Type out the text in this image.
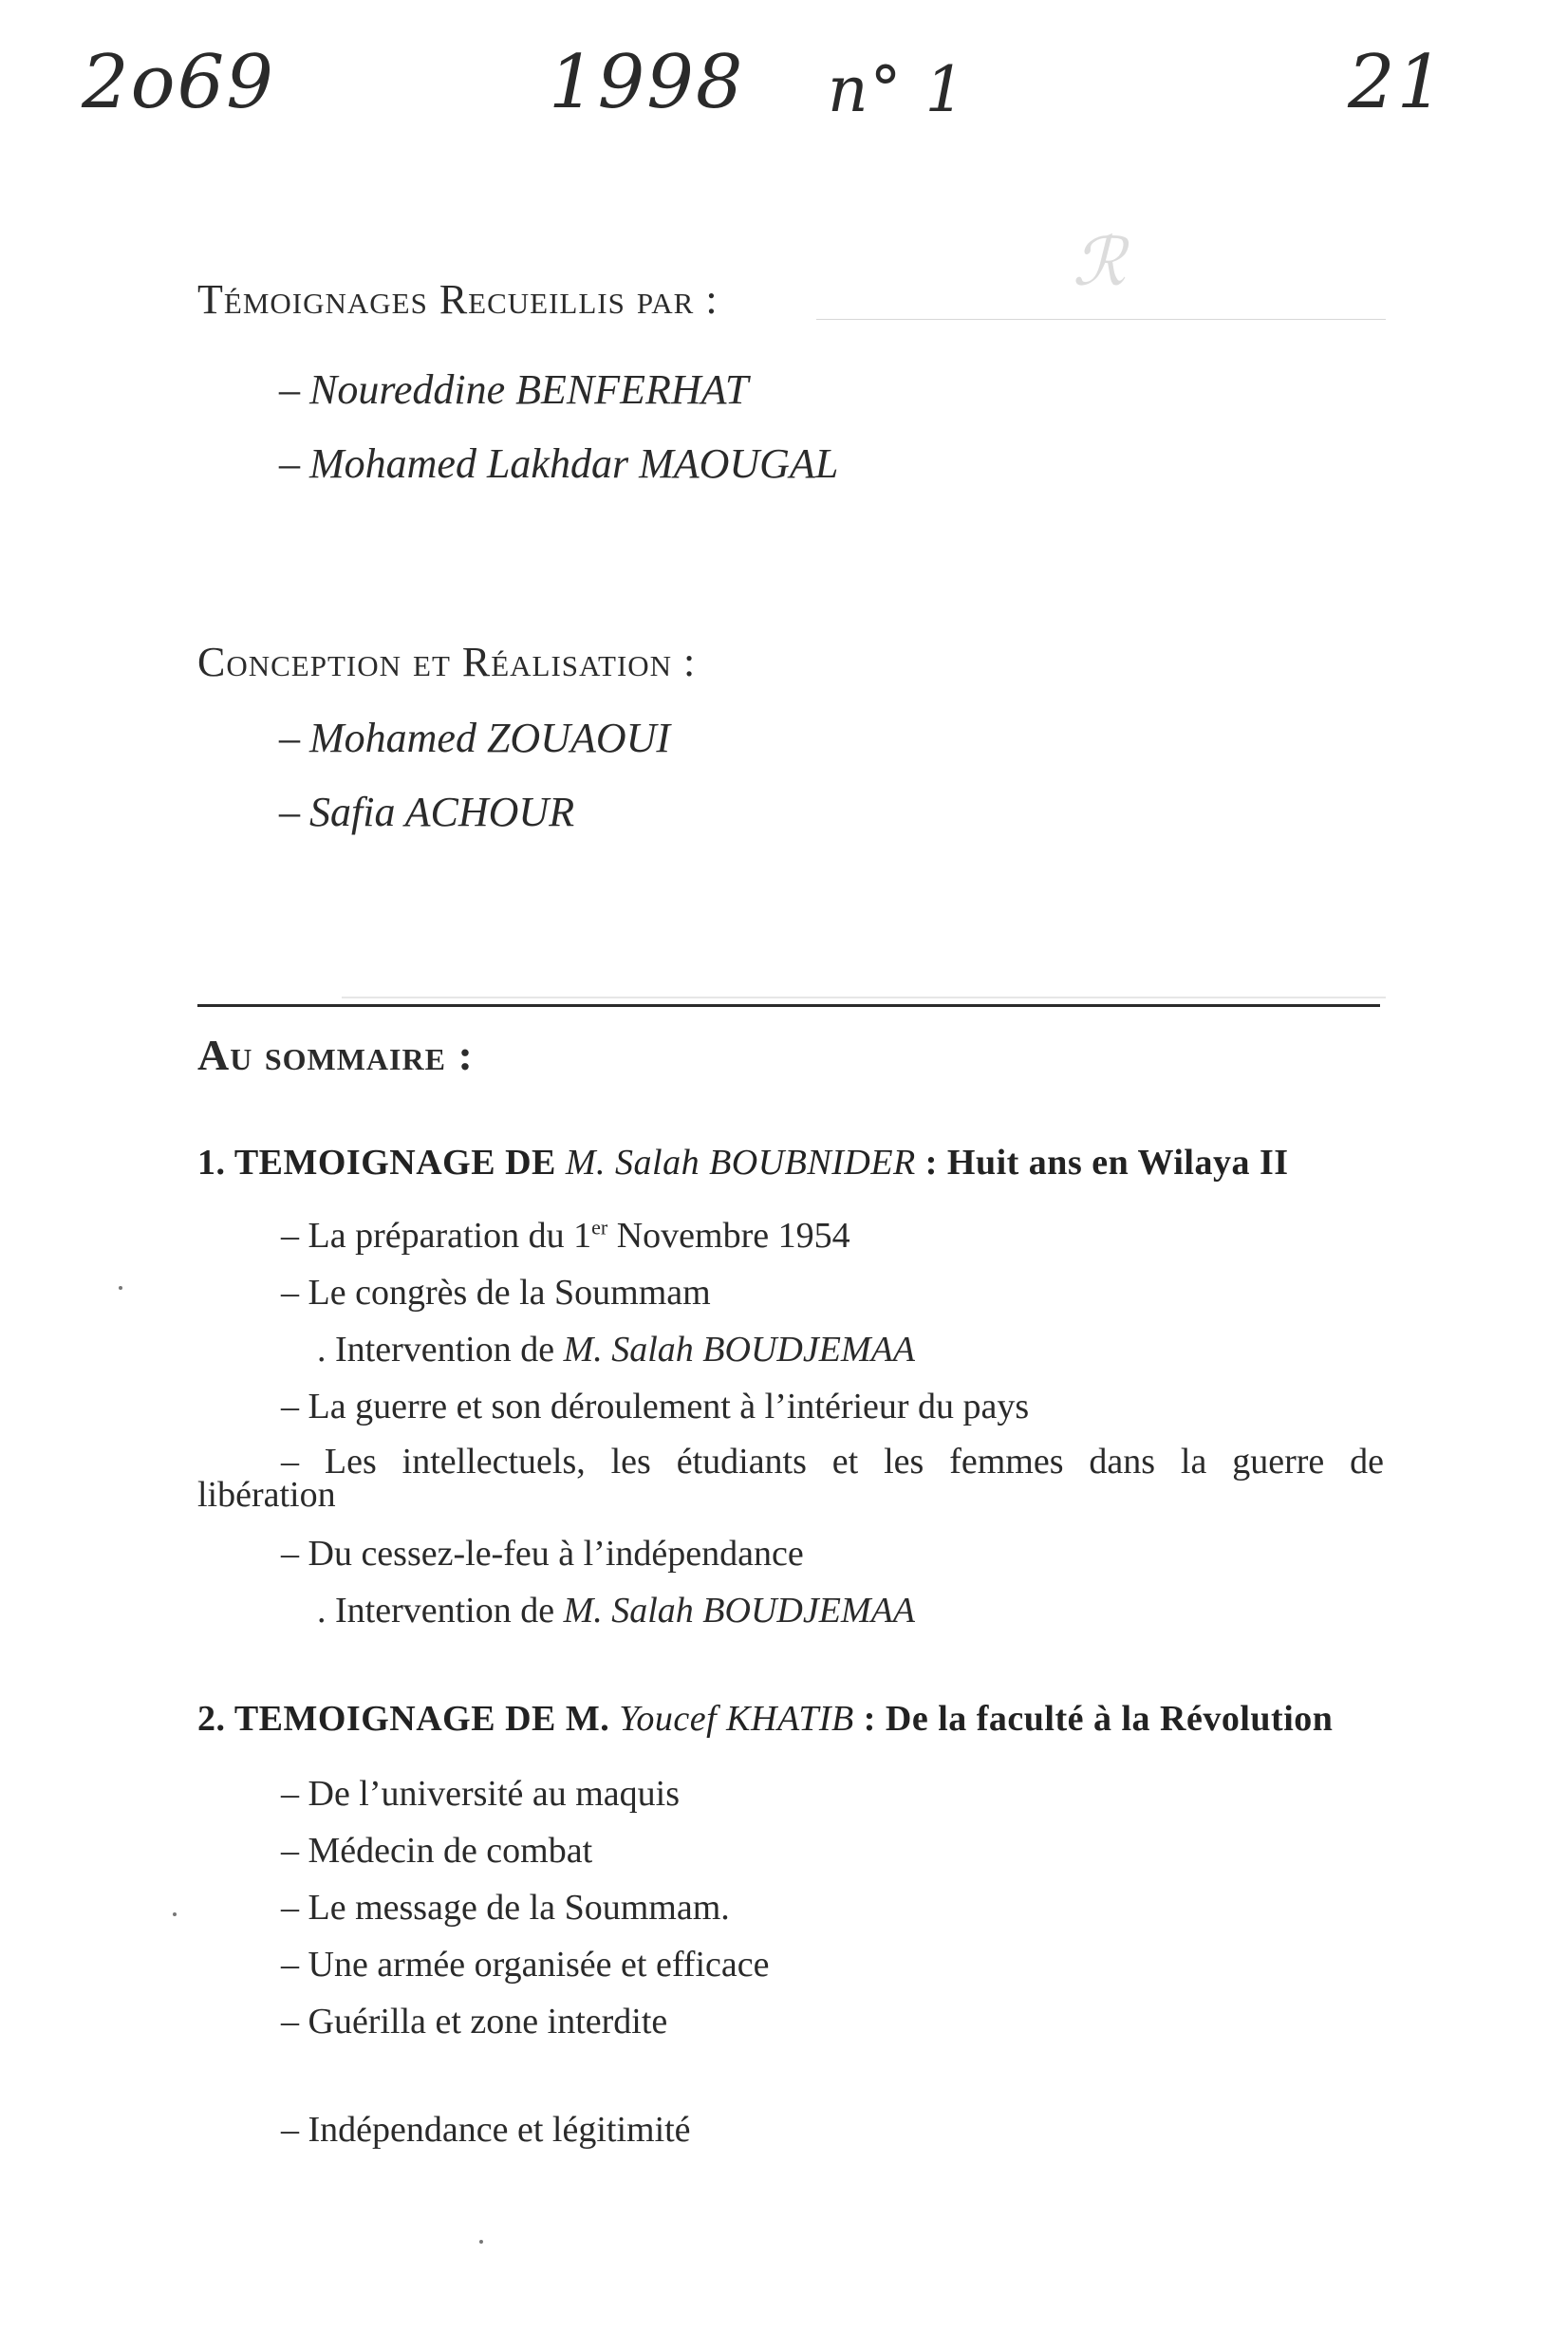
2o69	1998 n° 1	21
ℛ
Témoignages Recueillis par :
– Noureddine BENFERHAT
– Mohamed Lakhdar MAOUGAL
Conception et Réalisation :
– Mohamed ZOUAOUI
– Safia ACHOUR
Au sommaire :
1. TEMOIGNAGE DE M. Salah BOUBNIDER : Huit ans en Wilaya II
– La préparation du 1er Novembre 1954
– Le congrès de la Soummam
. Intervention de M. Salah BOUDJEMAA
– La guerre et son déroulement à l’intérieur du pays
– Les intellectuels, les étudiants et les femmes dans la guerre de
libération
– Du cessez-le-feu à l’indépendance
. Intervention de M. Salah BOUDJEMAA
2. TEMOIGNAGE DE M. Youcef KHATIB : De la faculté à la Révolution
– De l’université au maquis
– Médecin de combat
– Le message de la Soummam.
– Une armée organisée et efficace
– Guérilla et zone interdite
– Indépendance et légitimité
